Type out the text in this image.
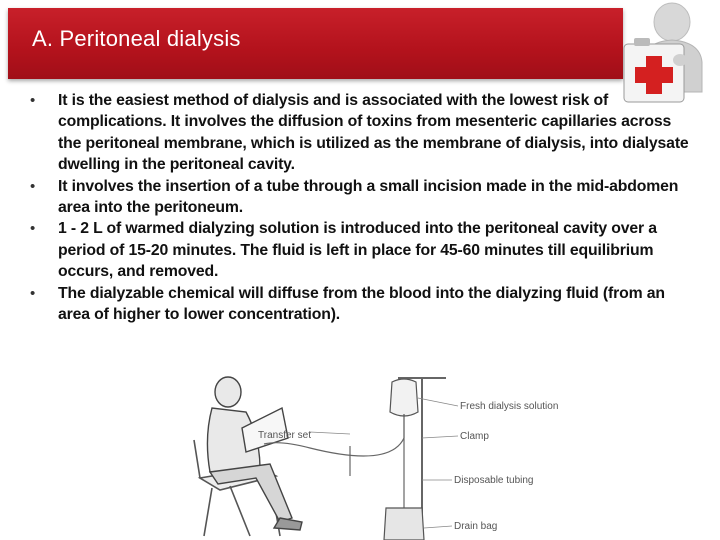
A. Peritoneal dialysis
• It is the easiest method of dialysis and is associated with the lowest risk of complications. It involves the diffusion of toxins from mesenteric capillaries across the peritoneal membrane, which is utilized as the membrane of dialysis, into dialysate dwelling in the peritoneal cavity.
• It involves the insertion of a tube through a small incision made in the mid-abdomen area into the peritoneum.
• 1 - 2 L of warmed dialyzing solution is introduced into the peritoneal cavity over a period of 15-20 minutes. The fluid is left in place for 45-60 minutes till equilibrium occurs, and removed.
• The dialyzable chemical will diffuse from the blood into the dialyzing fluid (from an area of higher to lower concentration).
Fresh dialysis solution
Clamp
Transfer set
Disposable tubing
Drain bag
